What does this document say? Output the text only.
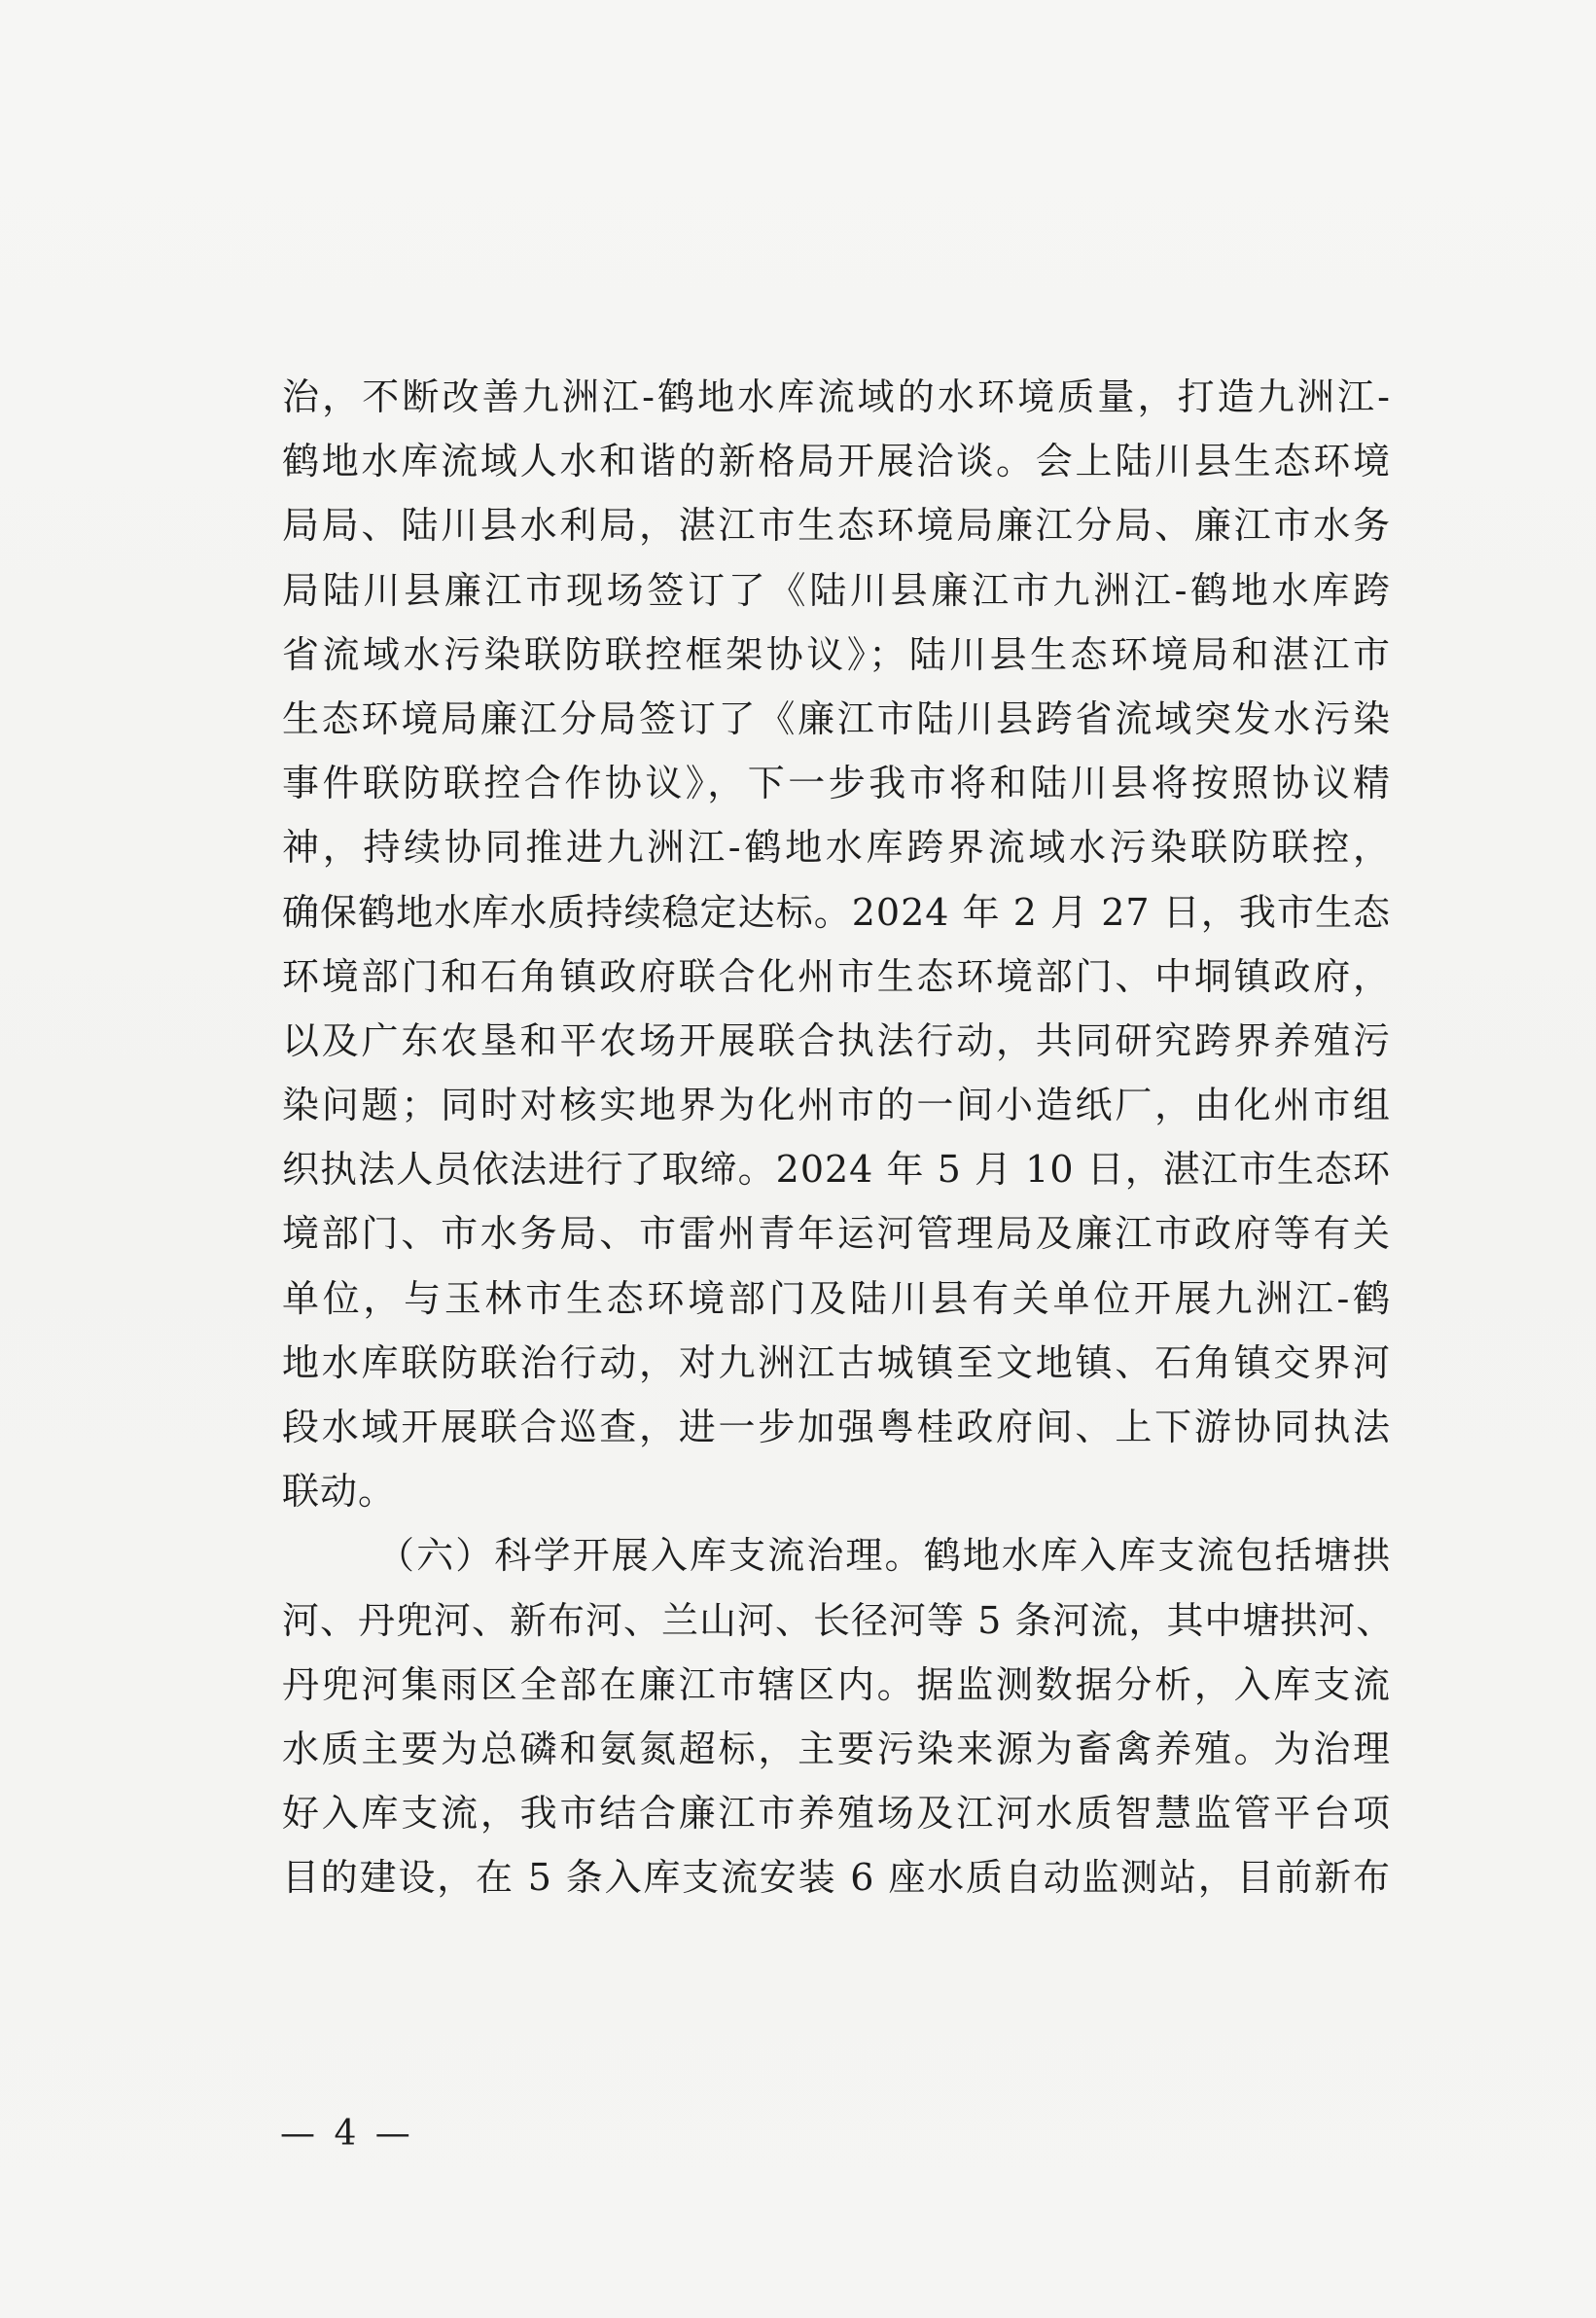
治，不断改善九洲江-鹤地水库流域的水环境质量，打造九洲江-
鹤地水库流域人水和谐的新格局开展洽谈。会上陆川县生态环境
局局、陆川县水利局，湛江市生态环境局廉江分局、廉江市水务
局陆川县廉江市现场签订了《陆川县廉江市九洲江-鹤地水库跨
省流域水污染联防联控框架协议》；陆川县生态环境局和湛江市
生态环境局廉江分局签订了《廉江市陆川县跨省流域突发水污染
事件联防联控合作协议》，下一步我市将和陆川县将按照协议精
神，持续协同推进九洲江-鹤地水库跨界流域水污染联防联控，
确保鹤地水库水质持续稳定达标。2024 年 2 月 27 日，我市生态
环境部门和石角镇政府联合化州市生态环境部门、中垌镇政府，
以及广东农垦和平农场开展联合执法行动，共同研究跨界养殖污
染问题；同时对核实地界为化州市的一间小造纸厂，由化州市组
织执法人员依法进行了取缔。2024 年 5 月 10 日，湛江市生态环
境部门、市水务局、市雷州青年运河管理局及廉江市政府等有关
单位，与玉林市生态环境部门及陆川县有关单位开展九洲江-鹤
地水库联防联治行动，对九洲江古城镇至文地镇、石角镇交界河
段水域开展联合巡查，进一步加强粤桂政府间、上下游协同执法
联动。
（六）科学开展入库支流治理。鹤地水库入库支流包括塘拱
河、丹兜河、新布河、兰山河、长径河等 5 条河流，其中塘拱河、
丹兜河集雨区全部在廉江市辖区内。据监测数据分析，入库支流
水质主要为总磷和氨氮超标，主要污染来源为畜禽养殖。为治理
好入库支流，我市结合廉江市养殖场及江河水质智慧监管平台项
目的建设，在 5 条入库支流安装 6 座水质自动监测站，目前新布
— 4 —
